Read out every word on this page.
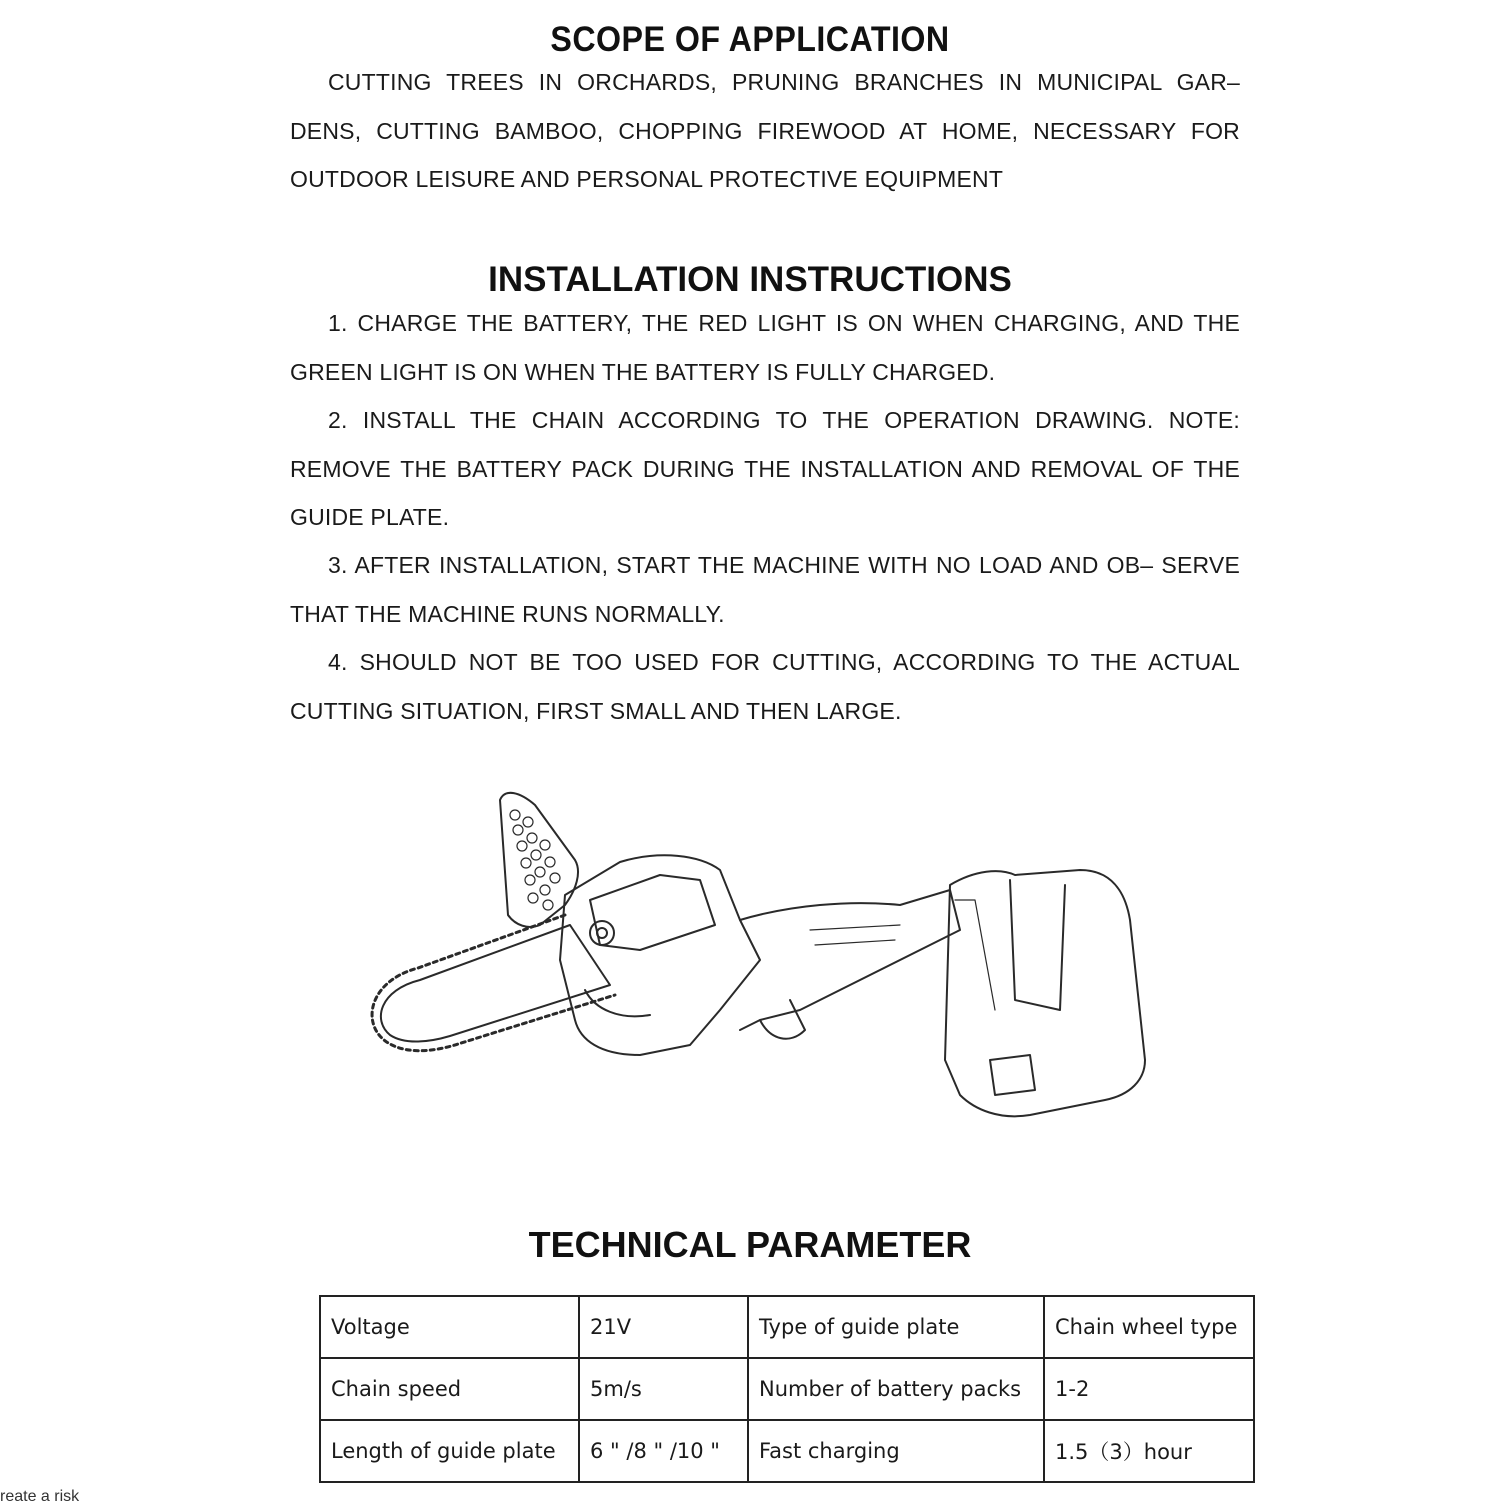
SCOPE OF APPLICATION

CUTTING TREES IN ORCHARDS, PRUNING BRANCHES IN MUNICIPAL GAR– DENS, CUTTING BAMBOO, CHOPPING FIREWOOD AT HOME, NECESSARY FOR OUTDOOR LEISURE AND PERSONAL PROTECTIVE EQUIPMENT

INSTALLATION INSTRUCTIONS

1. CHARGE THE BATTERY, THE RED LIGHT IS ON WHEN CHARGING, AND THE GREEN LIGHT IS ON WHEN THE BATTERY IS FULLY CHARGED.

2. INSTALL THE CHAIN ACCORDING TO THE OPERATION DRAWING. NOTE: REMOVE THE BATTERY PACK DURING THE INSTALLATION AND REMOVAL OF THE GUIDE PLATE.

3. AFTER INSTALLATION, START THE MACHINE WITH NO LOAD AND OB– SERVE THAT THE MACHINE RUNS NORMALLY.

4. SHOULD NOT BE TOO USED FOR CUTTING, ACCORDING TO THE ACTUAL CUTTING SITUATION, FIRST SMALL AND THEN LARGE.

TECHNICAL PARAMETER
Voltage	21V	Type of guide plate	Chain wheel type
Chain speed	5m/s	Number of battery packs	1-2
Length of guide plate	6 " /8 " /10 "	Fast charging	1.5（3）hour
reate a risk
